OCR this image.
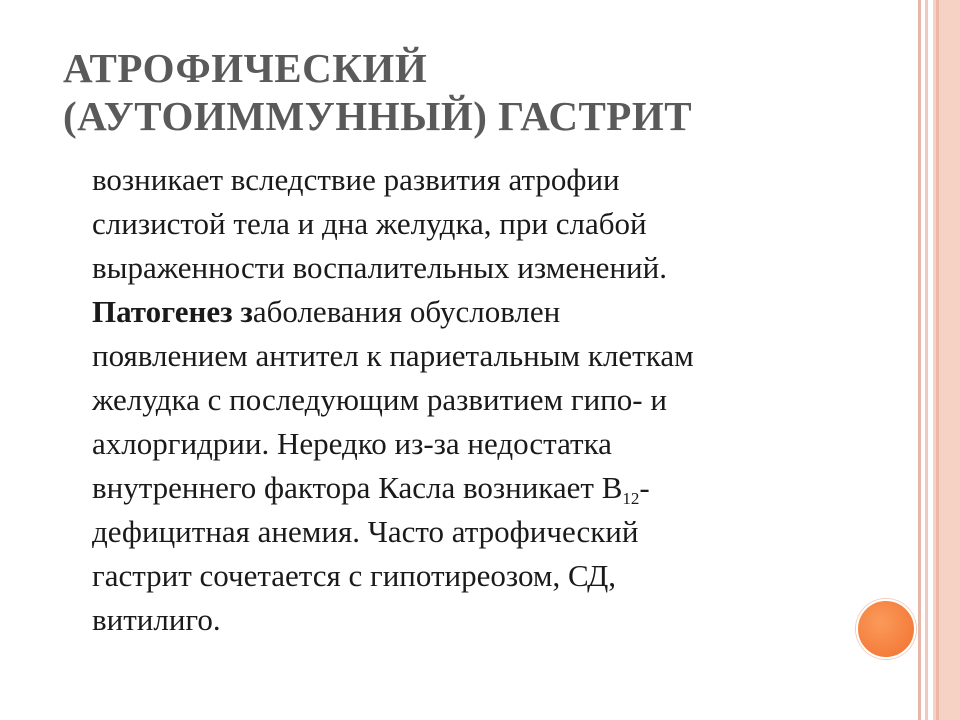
АТРОФИЧЕСКИЙ
(АУТОИММУННЫЙ) ГАСТРИТ

возникает вследствие развития атрофии
слизистой тела и дна желудка, при слабой
выраженности воспалительных изменений.
Патогенез заболевания обусловлен
появлением антител к париетальным клеткам
желудка с последующим развитием гипо- и
ахлоргидрии. Нередко из-за недостатка
внутреннего фактора Касла возникает $B_{12}-$
дефицитная анемия. Часто атрофический
гастрит сочетается с гипотиреозом, СД,
витилиго.
